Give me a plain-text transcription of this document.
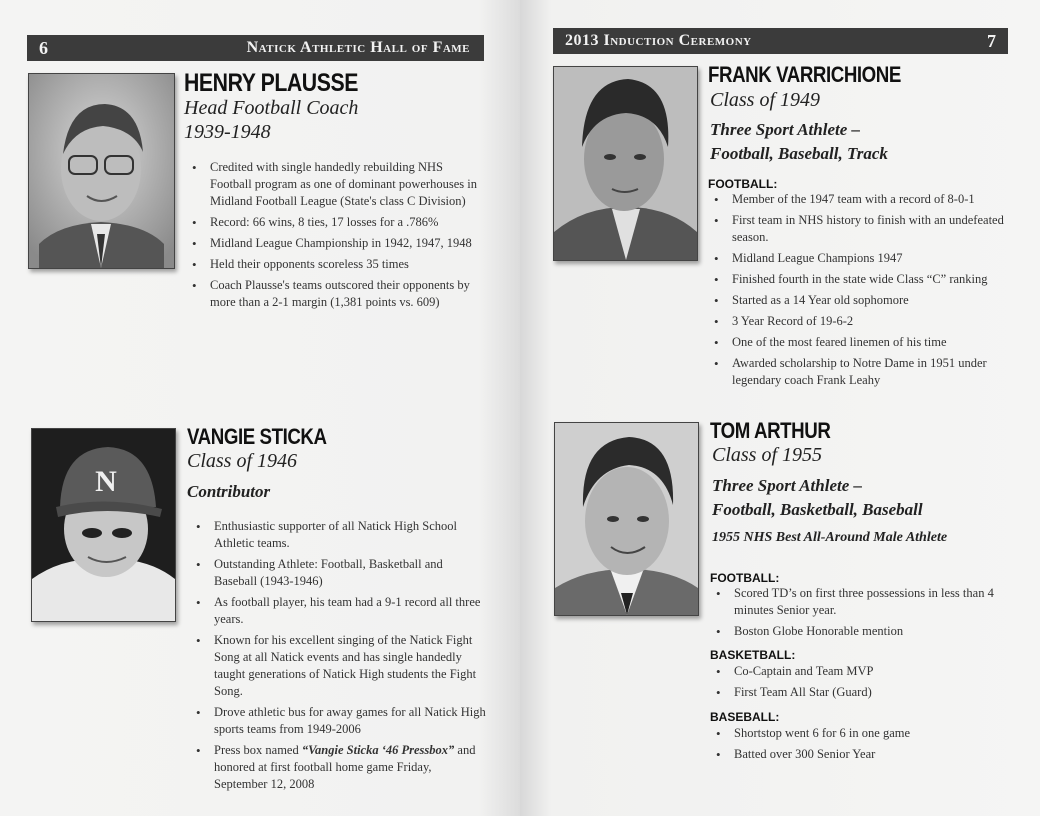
6	Natick Athletic Hall of Fame
HENRY PLAUSSE
Head Football Coach
1939-1948
• Credited with single handedly rebuilding NHS Football program as one of dominant powerhouses in Midland Football League (State's class C Division)
• Record: 66 wins, 8 ties, 17 losses for a .786%
• Midland League Championship in 1942, 1947, 1948
• Held their opponents scoreless 35 times
• Coach Plausse's teams outscored their opponents by more than a 2-1 margin (1,381 points vs. 609)
N
VANGIE STICKA
Class of 1946
Contributor
• Enthusiastic supporter of all Natick High School Athletic teams.
• Outstanding Athlete: Football, Basketball and Baseball (1943-1946)
• As football player, his team had a 9-1 record all three years.
• Known for his excellent singing of the Natick Fight Song at all Natick events and has single handedly taught generations of Natick High students the Fight Song.
• Drove athletic bus for away games for all Natick High sports teams from 1949-2006
• Press box named “Vangie Sticka ‘46 Pressbox” and honored at first football home game Friday, September 12, 2008
2013 Induction Ceremony	7
FRANK VARRICHIONE
Class of 1949
Three Sport Athlete –
Football, Baseball, Track
FOOTBALL:
• Member of the 1947 team with a record of 8-0-1
• First team in NHS history to finish with an undefeated season.
• Midland League Champions 1947
• Finished fourth in the state wide Class “C” ranking
• Started as a 14 Year old sophomore
• 3 Year Record of 19-6-2
• One of the most feared linemen of his time
• Awarded scholarship to Notre Dame in 1951 under legendary coach Frank Leahy
TOM ARTHUR
Class of 1955
Three Sport Athlete –
Football, Basketball, Baseball
1955 NHS Best All-Around Male Athlete
FOOTBALL:
• Scored TD’s on first three possessions in less than 4 minutes Senior year.
• Boston Globe Honorable mention
BASKETBALL:
• Co-Captain and Team MVP
• First Team All Star (Guard)
BASEBALL:
• Shortstop went 6 for 6 in one game
• Batted over 300 Senior Year
